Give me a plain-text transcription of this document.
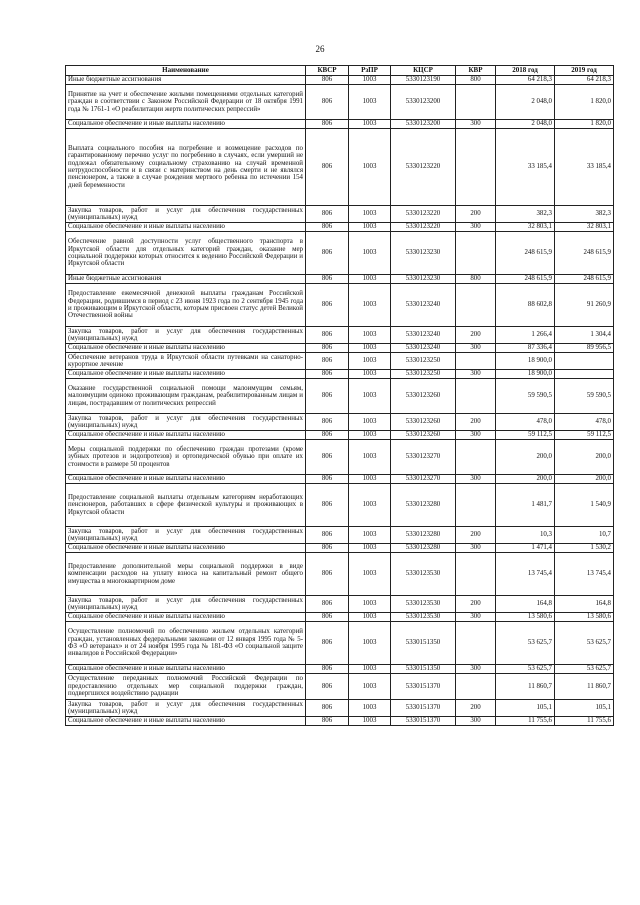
26
Наименование	КВСР	РзПР	КЦСР	КВР	2018 год	2019 год
Иные бюджетные ассигнования	806	1003	5330123190	800	64 218,3	64 218,3
Принятие на учет и обеспечение жилыми помещениями отдельных категорий граждан в соответствии с Законом Российской Федерации от 18 октября 1991 года № 1761-1 «О реабилитации жертв политических репрессий»	806	1003	5330123200		2 048,0	1 820,0
Социальное обеспечение и иные выплаты населению	806	1003	5330123200	300	2 048,0	1 820,0
Выплата социального пособия на погребение и возмещение расходов по гарантированному перечню услуг по погребению в случаях, если умерший не подлежал обязательному социальному страхованию на случай временной нетрудоспособности и в связи с материнством на день смерти и не являлся пенсионером, а также в случае рождения мертвого ребенка по истечении 154 дней беременности	806	1003	5330123220		33 185,4	33 185,4
Закупка товаров, работ и услуг для обеспечения государственных (муниципальных) нужд	806	1003	5330123220	200	382,3	382,3
Социальное обеспечение и иные выплаты населению	806	1003	5330123220	300	32 803,1	32 803,1
Обеспечение равной доступности услуг общественного транспорта в Иркутской области для отдельных категорий граждан, оказание мер социальной поддержки которых относится к ведению Российской Федерации и Иркутской области	806	1003	5330123230		248 615,9	248 615,9
Иные бюджетные ассигнования	806	1003	5330123230	800	248 615,9	248 615,9
Предоставление ежемесячной денежной выплаты гражданам Российской Федерации, родившимся в период с 23 июня 1923 года по 2 сентября 1945 года и проживающим в Иркутской области, которым присвоен статус детей Великой Отечественной войны	806	1003	5330123240		88 602,8	91 260,9
Закупка товаров, работ и услуг для обеспечения государственных (муниципальных) нужд	806	1003	5330123240	200	1 266,4	1 304,4
Социальное обеспечение и иные выплаты населению	806	1003	5330123240	300	87 336,4	89 956,5
Обеспечение ветеранов труда в Иркутской области путевками на санаторно-курортное лечение	806	1003	5330123250		18 900,0	
Социальное обеспечение и иные выплаты населению	806	1003	5330123250	300	18 900,0	
Оказание государственной социальной помощи малоимущим семьям, малоимущим одиноко проживающим гражданам, реабилитированным лицам и лицам, пострадавшим от политических репрессий	806	1003	5330123260		59 590,5	59 590,5
Закупка товаров, работ и услуг для обеспечения государственных (муниципальных) нужд	806	1003	5330123260	200	478,0	478,0
Социальное обеспечение и иные выплаты населению	806	1003	5330123260	300	59 112,5	59 112,5
Меры социальной поддержки по обеспечению граждан протезами (кроме зубных протезов и эндопротезов) и ортопедической обувью при оплате их стоимости в размере 50 процентов	806	1003	5330123270		200,0	200,0
Социальное обеспечение и иные выплаты населению	806	1003	5330123270	300	200,0	200,0
Предоставление социальной выплаты отдельным категориям неработающих пенсионеров, работавших в сфере физической культуры и проживающих в Иркутской области	806	1003	5330123280		1 481,7	1 540,9
Закупка товаров, работ и услуг для обеспечения государственных (муниципальных) нужд	806	1003	5330123280	200	10,3	10,7
Социальное обеспечение и иные выплаты населению	806	1003	5330123280	300	1 471,4	1 530,2
Предоставление дополнительной меры социальной поддержки в виде компенсации расходов на уплату взноса на капитальный ремонт общего имущества в многоквартирном доме	806	1003	5330123530		13 745,4	13 745,4
Закупка товаров, работ и услуг для обеспечения государственных (муниципальных) нужд	806	1003	5330123530	200	164,8	164,8
Социальное обеспечение и иные выплаты населению	806	1003	5330123530	300	13 580,6	13 580,6
Осуществление полномочий по обеспечению жильем отдельных категорий граждан, установленных федеральными законами от 12 января 1995 года № 5-ФЗ «О ветеранах» и от 24 ноября 1995 года № 181-ФЗ «О социальной защите инвалидов в Российской Федерации»	806	1003	5330151350		53 625,7	53 625,7
Социальное обеспечение и иные выплаты населению	806	1003	5330151350	300	53 625,7	53 625,7
Осуществление переданных полномочий Российской Федерации по предоставлению отдельных мер социальной поддержки граждан, подвергшихся воздействию радиации	806	1003	5330151370		11 860,7	11 860,7
Закупка товаров, работ и услуг для обеспечения государственных (муниципальных) нужд	806	1003	5330151370	200	105,1	105,1
Социальное обеспечение и иные выплаты населению	806	1003	5330151370	300	11 755,6	11 755,6
